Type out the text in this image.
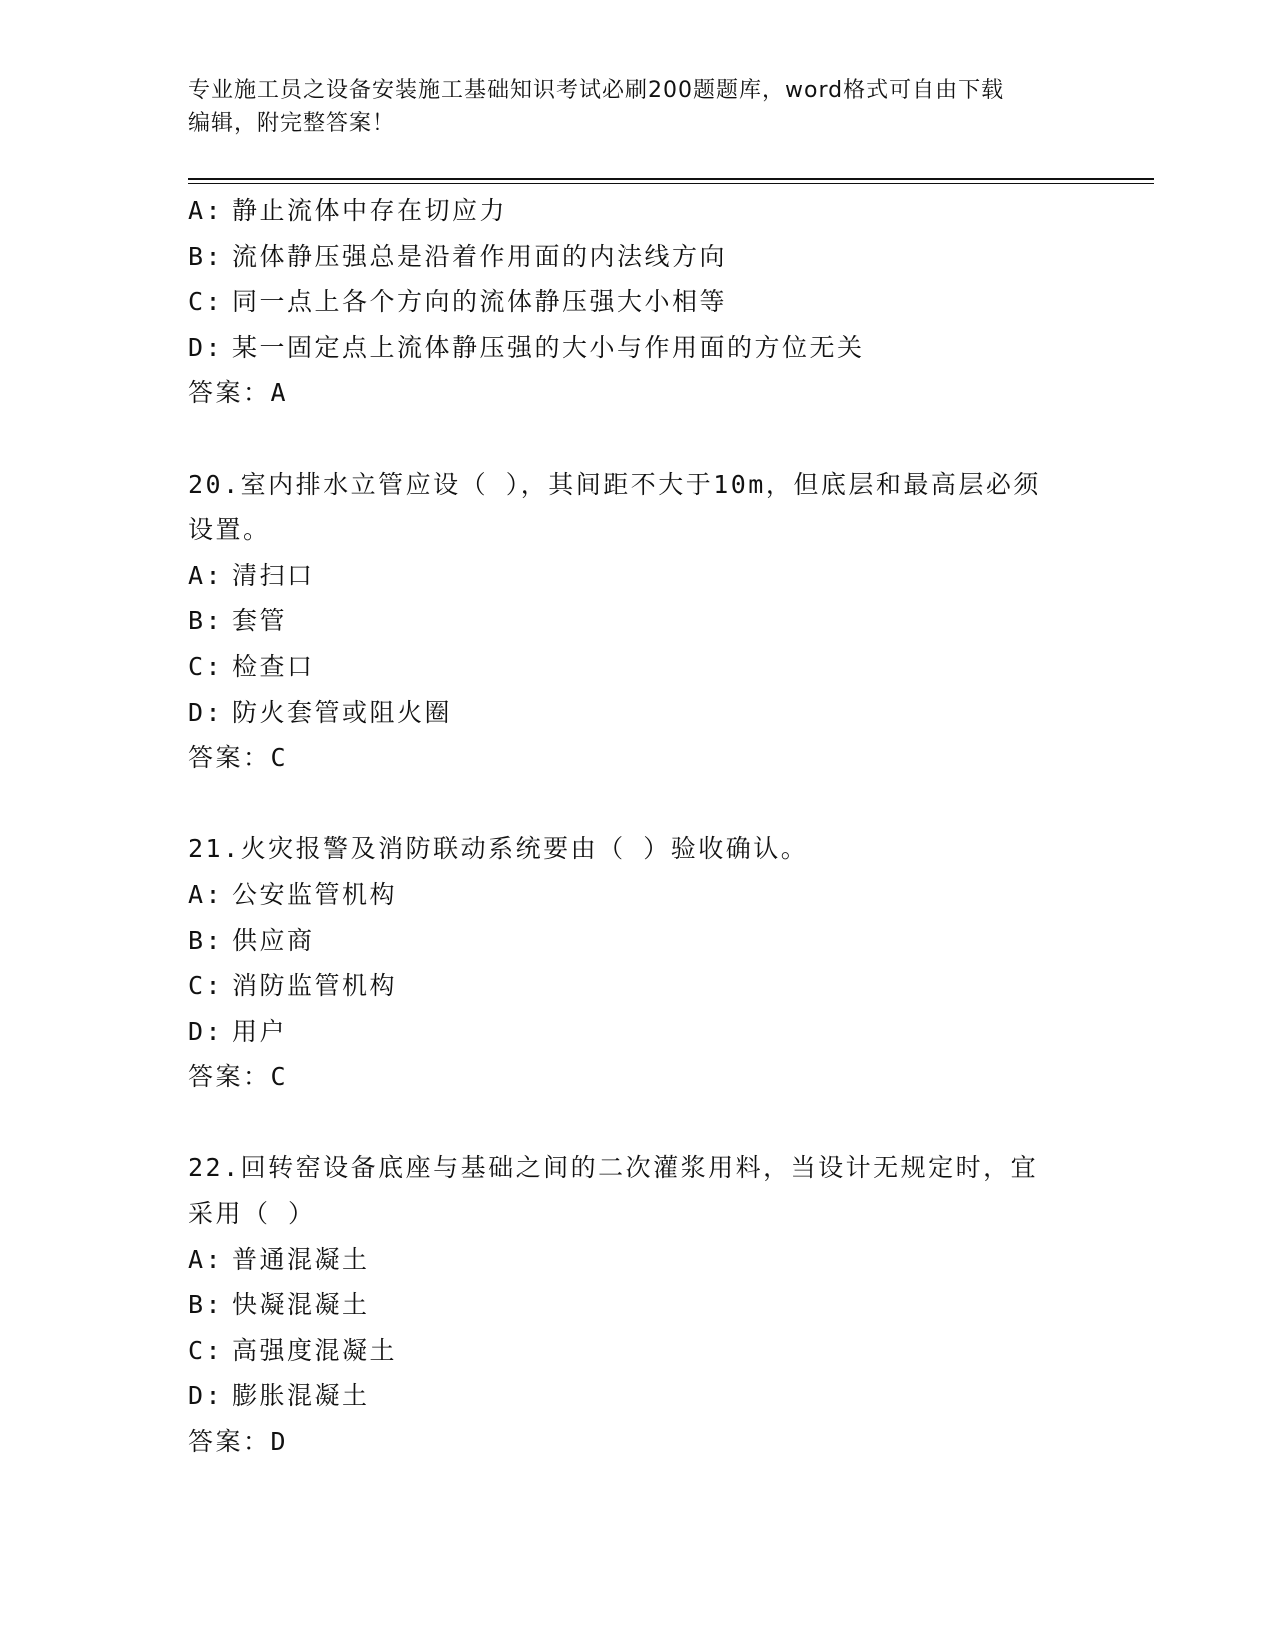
专业施工员之设备安装施工基础知识考试必刷200题题库，word格式可自由下载
编辑，附完整答案！
A: 静止流体中存在切应力
B: 流体静压强总是沿着作用面的内法线方向
C: 同一点上各个方向的流体静压强大小相等
D: 某一固定点上流体静压强的大小与作用面的方位无关
答案：A
20.室内排水立管应设（ ），其间距不大于10m，但底层和最高层必须
设置。
A: 清扫口
B: 套管
C: 检查口
D: 防火套管或阻火圈
答案：C
21.火灾报警及消防联动系统要由（ ）验收确认。
A: 公安监管机构
B: 供应商
C: 消防监管机构
D: 用户
答案：C
22.回转窑设备底座与基础之间的二次灌浆用料，当设计无规定时，宜
采用（ ）
A: 普通混凝土
B: 快凝混凝土
C: 高强度混凝土
D: 膨胀混凝土
答案：D
